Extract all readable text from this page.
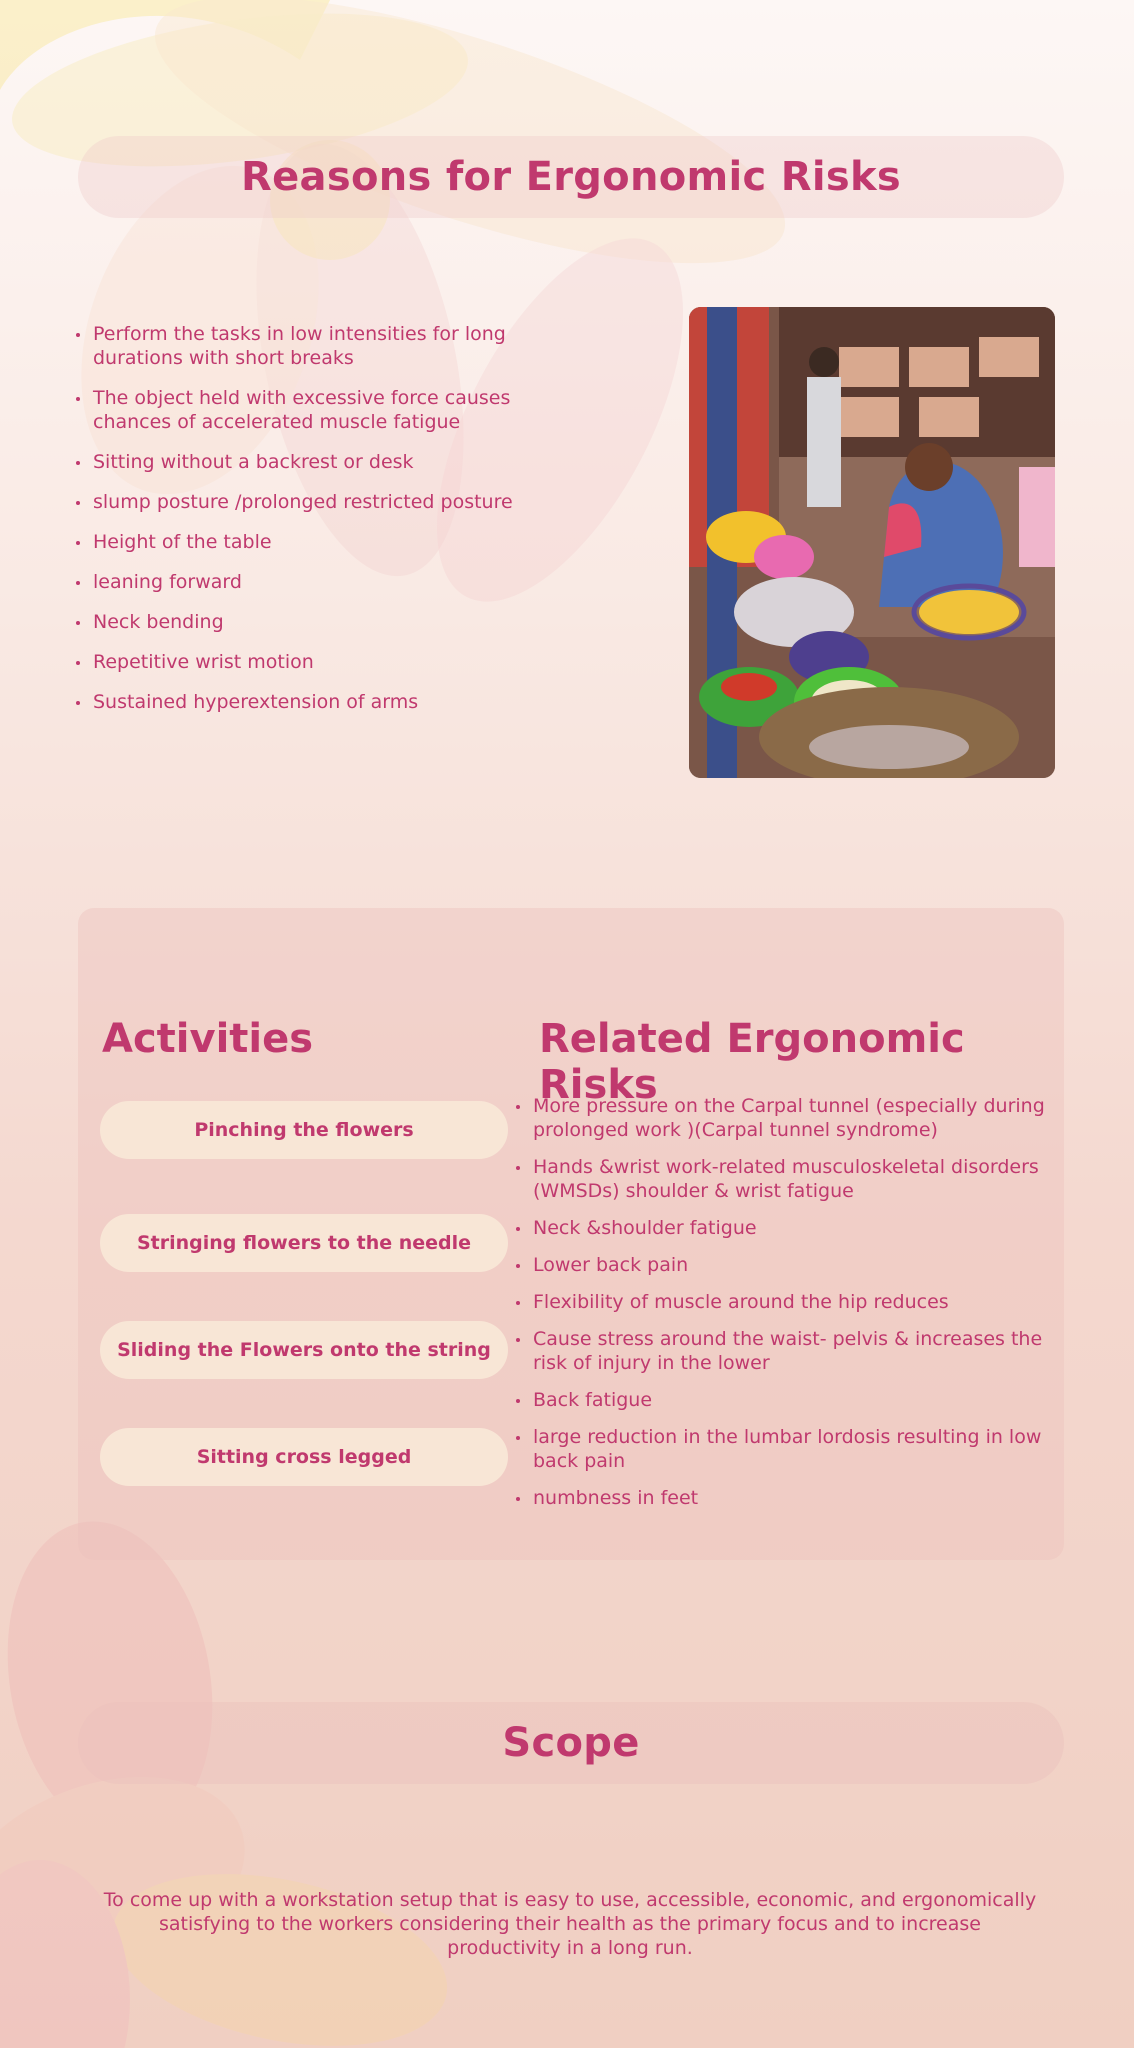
Reasons for Ergonomic Risks
Perform the tasks in low intensities for long durations with short breaks
The object held with excessive force causes chances of accelerated muscle fatigue
Sitting without a backrest or desk
slump posture /prolonged restricted posture
Height of the table
leaning forward
Neck bending
Repetitive wrist motion
Sustained hyperextension of arms
Activities	Related Ergonomic Risks
Pinching the flowers
Stringing flowers to the needle
Sliding the Flowers onto the string
Sitting cross legged
More pressure on the Carpal tunnel (especially during prolonged work )(Carpal tunnel syndrome)
Hands &wrist work-related musculoskeletal disorders (WMSDs) shoulder & wrist fatigue
Neck &shoulder fatigue
Lower back pain
Flexibility of muscle around the hip reduces
Cause stress around the waist- pelvis & increases the risk of injury in the lower
Back fatigue
large reduction in the lumbar lordosis resulting in low back pain
numbness in feet
Scope

To come up with a workstation setup that is easy to use, accessible, economic, and ergonomically satisfying to the workers considering their health as the primary focus and to increase productivity in a long run.
